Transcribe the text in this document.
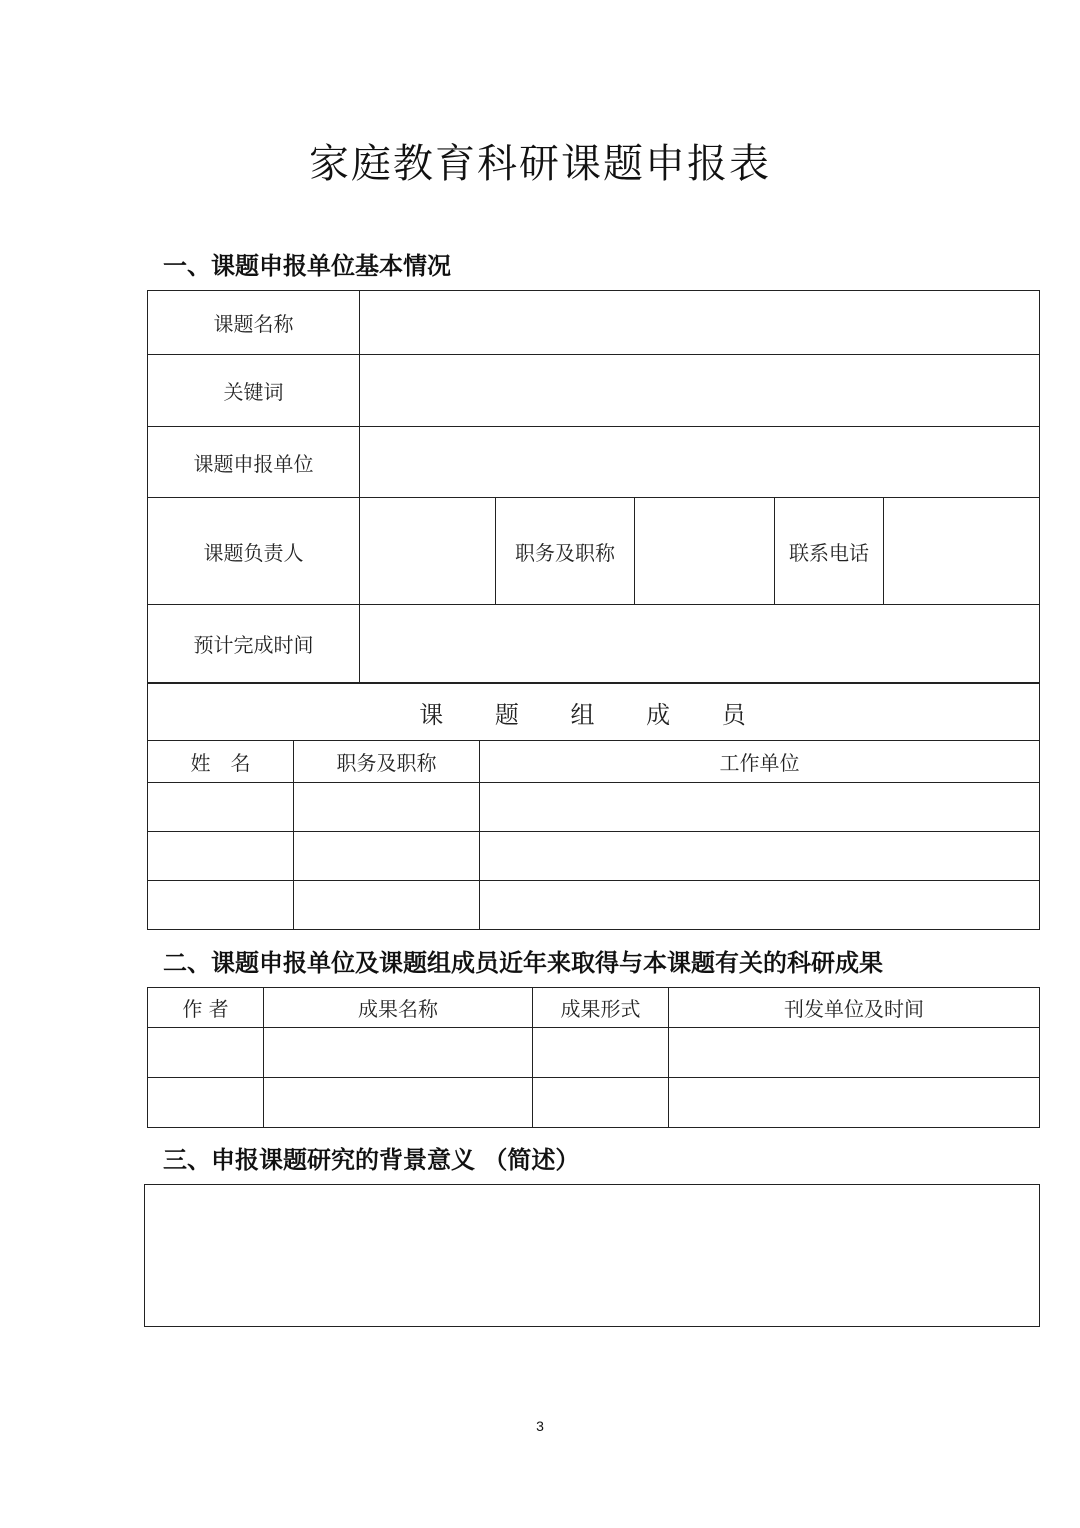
家庭教育科研课题申报表
一、课题申报单位基本情况
课题名称					
关键词					
课题申报单位					
课题负责人		职务及职称		联系电话	
预计完成时间					
课 题 组 成 员		
姓　名	职务及职称	工作单位

二、课题申报单位及课题组成员近年来取得与本课题有关的科研成果
作 者	成果名称	成果形式	刊发单位及时间

三、申报课题研究的背景意义 （简述）
3
